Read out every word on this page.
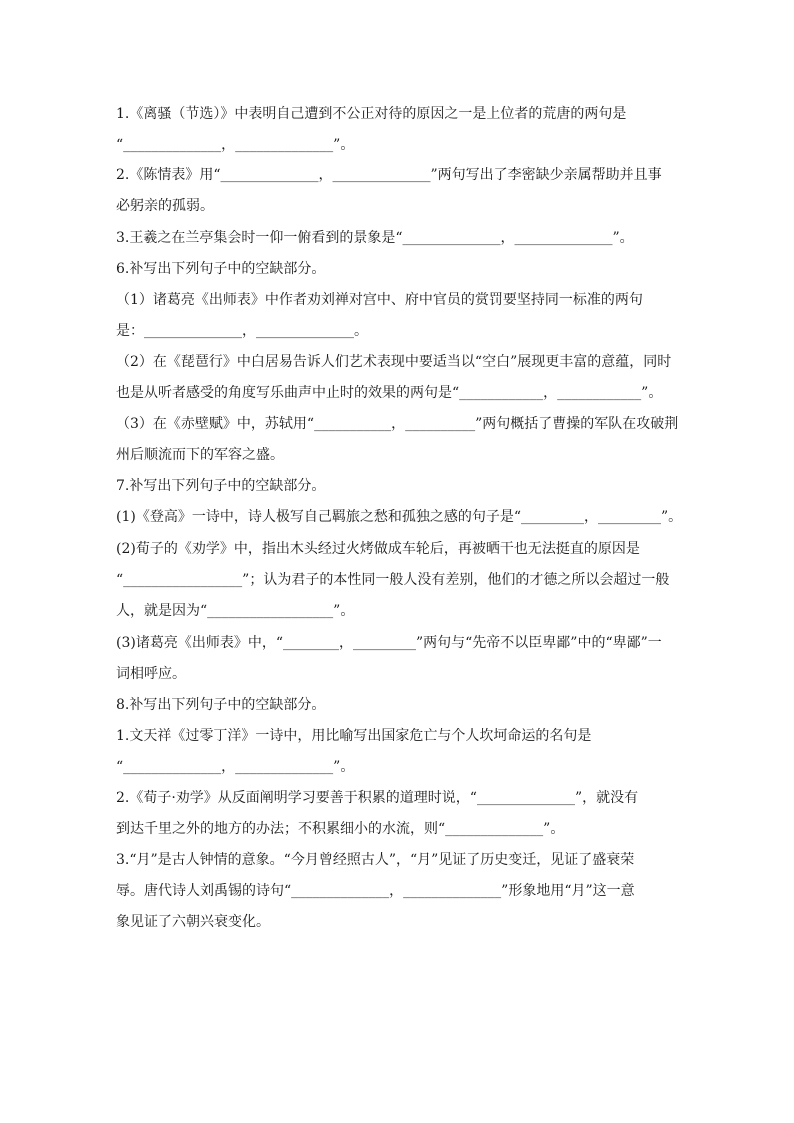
1.《离骚（节选）》中表明自己遭到不公正对待的原因之一是上位者的荒唐的两句是
“______________，______________”。
2.《陈情表》用“______________，______________”两句写出了李密缺少亲属帮助并且事
必躬亲的孤弱。
3.王羲之在兰亭集会时一仰一俯看到的景象是“______________，______________”。
6.补写出下列句子中的空缺部分。
（1）诸葛亮《出师表》中作者劝刘禅对宫中、府中官员的赏罚要坚持同一标准的两句
是：______________，______________。
（2）在《琵琶行》中白居易告诉人们艺术表现中要适当以“空白”展现更丰富的意蕴，同时
也是从听者感受的角度写乐曲声中止时的效果的两句是“____________，____________”。
（3）在《赤壁赋》中，苏轼用“___________，__________”两句概括了曹操的军队在攻破荆
州后顺流而下的军容之盛。
7.补写出下列句子中的空缺部分。
(1)《登高》一诗中，诗人极写自己羁旅之愁和孤独之感的句子是“_________，_________”。
(2)荀子的《劝学》中，指出木头经过火烤做成车轮后，再被晒干也无法挺直的原因是
“_________________”；认为君子的本性同一般人没有差别，他们的才德之所以会超过一般
人，就是因为“__________________”。
(3)诸葛亮《出师表》中，“________，_________”两句与“先帝不以臣卑鄙”中的“卑鄙”一
词相呼应。
8.补写出下列句子中的空缺部分。
1.文天祥《过零丁洋》一诗中，用比喻写出国家危亡与个人坎坷命运的名句是
“______________，______________”。
2.《荀子·劝学》从反面阐明学习要善于积累的道理时说，“______________”，就没有
到达千里之外的地方的办法；不积累细小的水流，则“______________”。
3.“月”是古人钟情的意象。“今月曾经照古人”，“月”见证了历史变迁，见证了盛衰荣
辱。唐代诗人刘禹锡的诗句“______________，______________”形象地用“月”这一意
象见证了六朝兴衰变化。
